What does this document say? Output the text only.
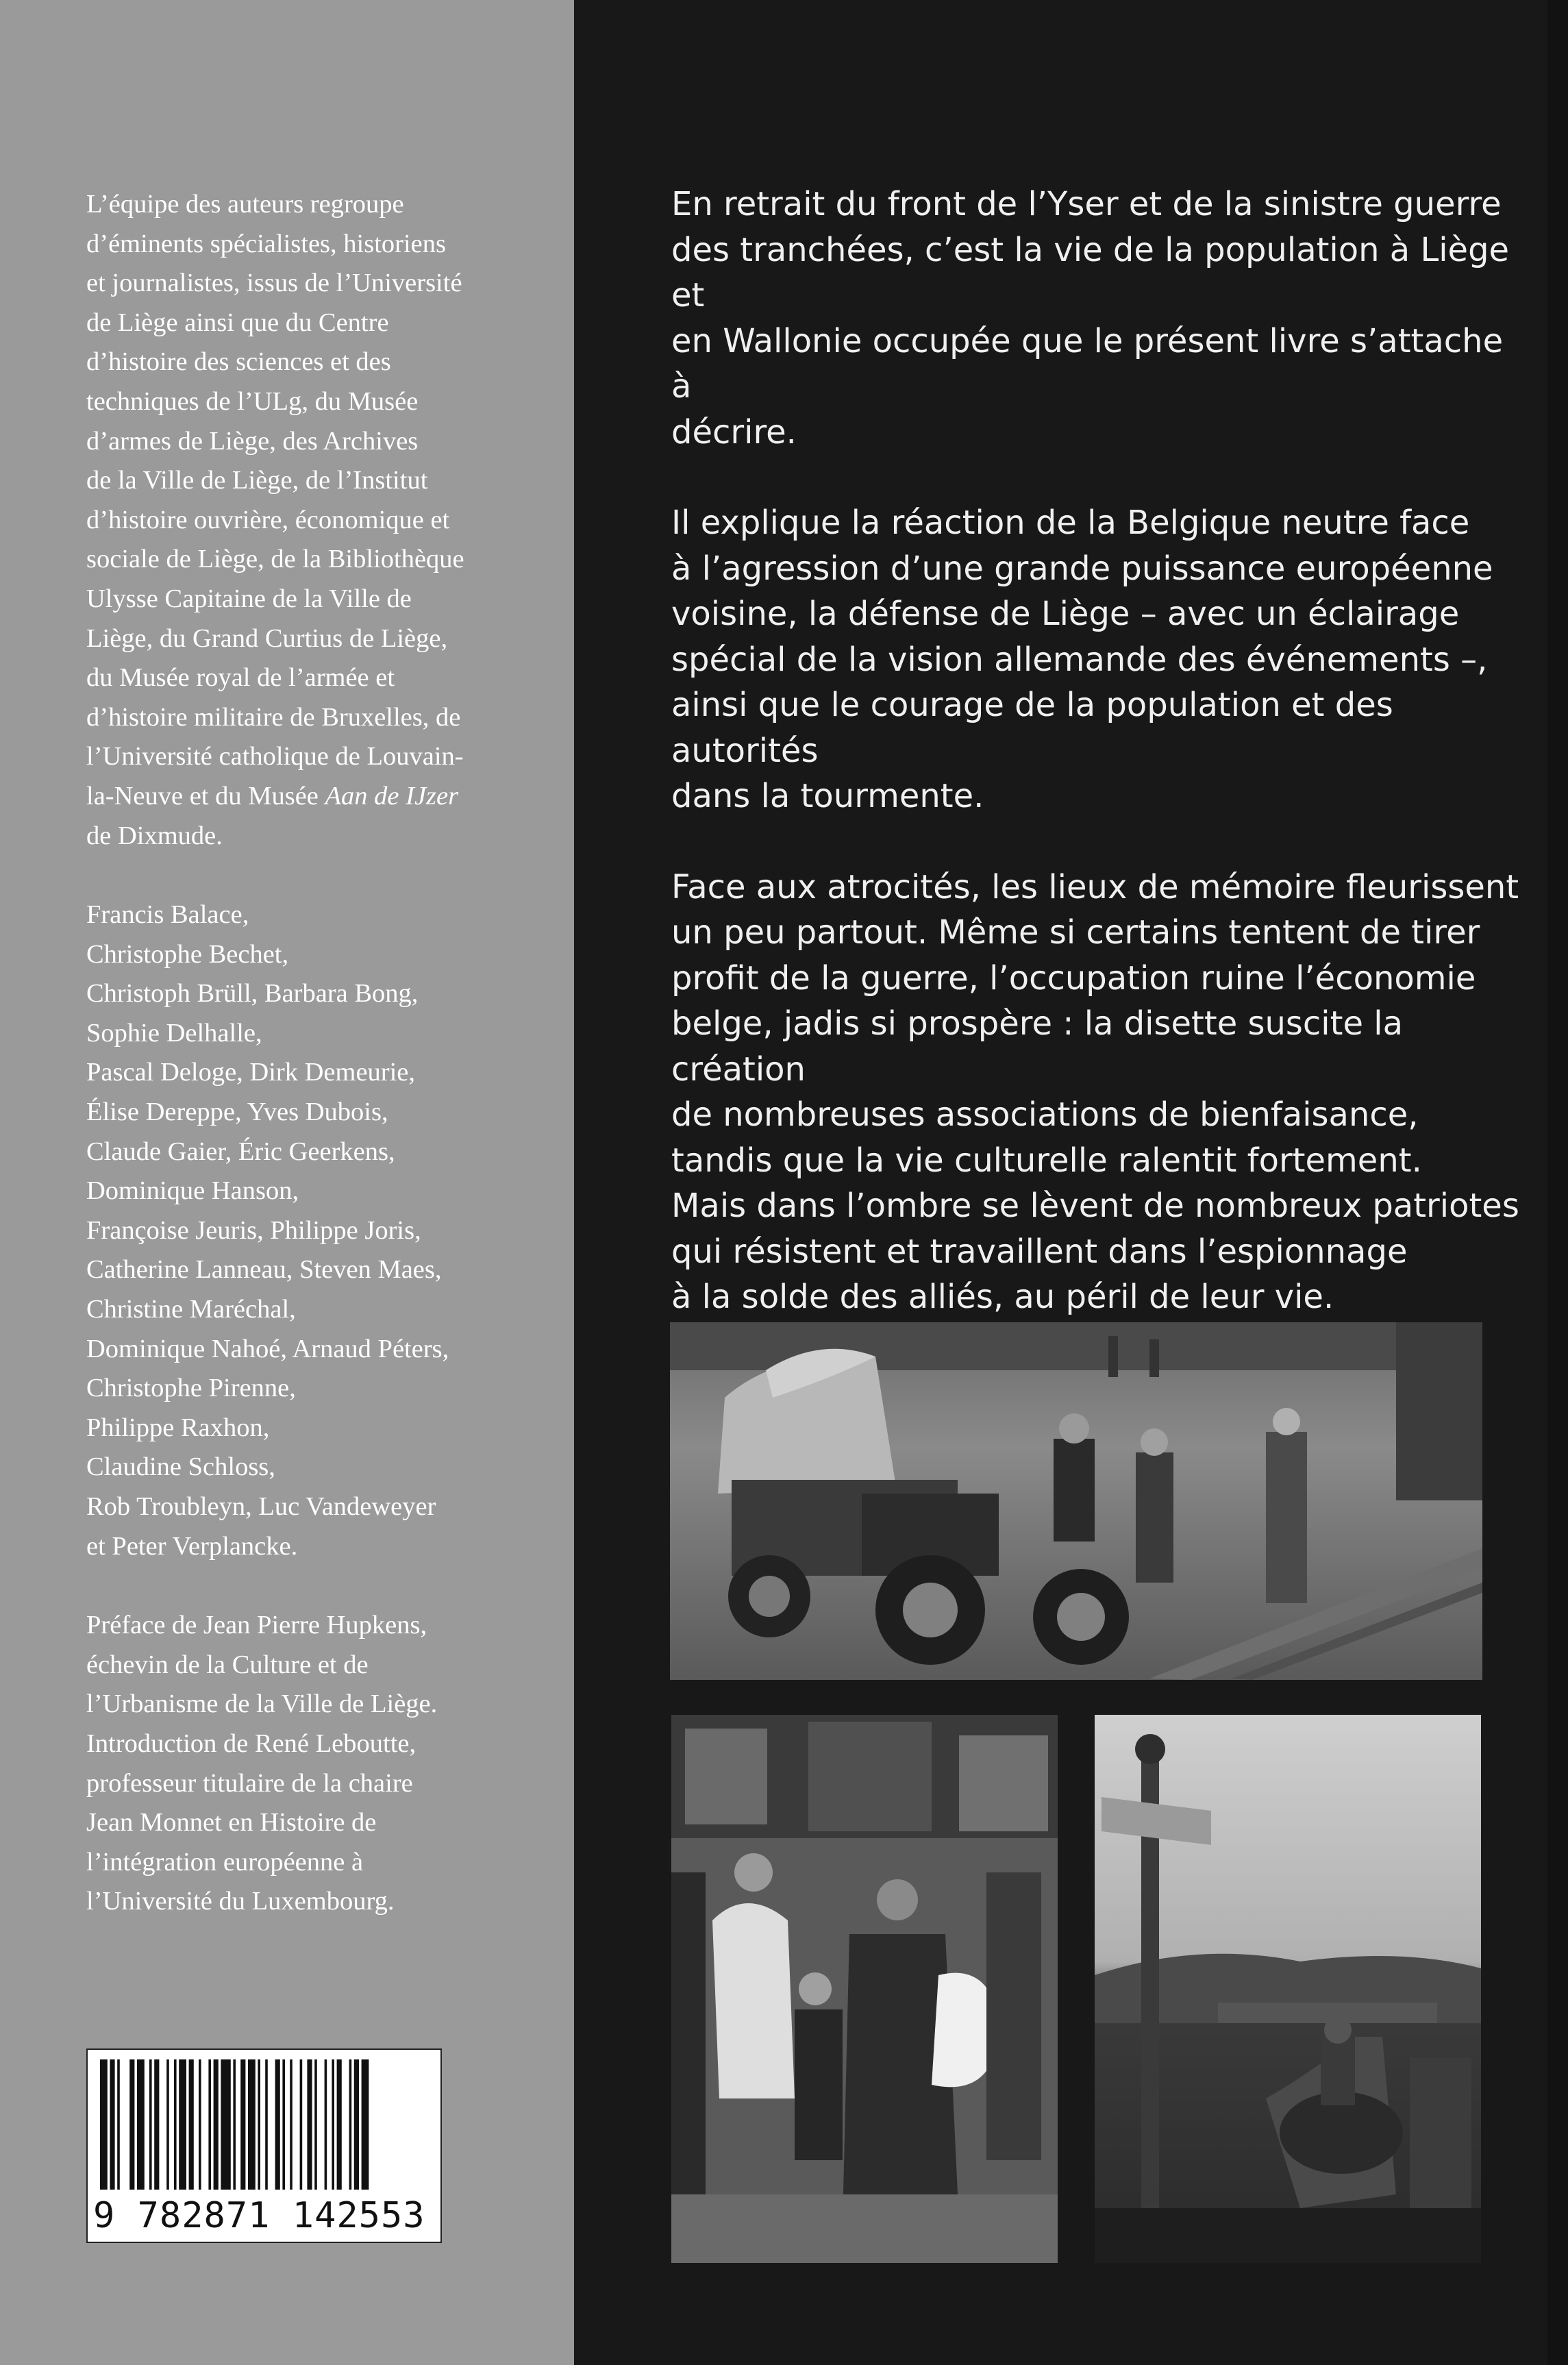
L’équipe des auteurs regroupe

d’éminents spécialistes, historiens

et journalistes, issus de l’Université

de Liège ainsi que du Centre

d’histoire des sciences et des

techniques de l’ULg, du Musée

d’armes de Liège, des Archives

de la Ville de Liège, de l’Institut

d’histoire ouvrière, économique et

sociale de Liège, de la Bibliothèque

Ulysse Capitaine de la Ville de

Liège, du Grand Curtius de Liège,

du Musée royal de l’armée et

d’histoire militaire de Bruxelles, de

l’Université catholique de Louvain-

la-Neuve et du Musée Aan de IJzer

de Dixmude.

Francis Balace,

Christophe Bechet,

Christoph Brüll, Barbara Bong,

Sophie Delhalle,

Pascal Deloge, Dirk Demeurie,

Élise Dereppe, Yves Dubois,

Claude Gaier, Éric Geerkens,

Dominique Hanson,

Françoise Jeuris, Philippe Joris,

Catherine Lanneau, Steven Maes,

Christine Maréchal,

Dominique Nahoé, Arnaud Péters,

Christophe Pirenne,

Philippe Raxhon,

Claudine Schloss,

Rob Troubleyn, Luc Vandeweyer

et Peter Verplancke.

Préface de Jean Pierre Hupkens,

échevin de la Culture et de

l’Urbanisme de la Ville de Liège.

Introduction de René Leboutte,

professeur titulaire de la chaire

Jean Monnet en Histoire de

l’intégration européenne à

l’Université du Luxembourg.

9 782871 142553

En retrait du front de l’Yser et de la sinistre guerre
des tranchées, c’est la vie de la population à Liège et
en Wallonie occupée que le présent livre s’attache à
décrire.

Il explique la réaction de la Belgique neutre face
à l’agression d’une grande puissance européenne
voisine, la défense de Liège – avec un éclairage
spécial de la vision allemande des événements –,
ainsi que le courage de la population et des autorités
dans la tourmente.

Face aux atrocités, les lieux de mémoire fleurissent
un peu partout. Même si certains tentent de tirer
profit de la guerre, l’occupation ruine l’économie
belge, jadis si prospère : la disette suscite la création
de nombreuses associations de bienfaisance,
tandis que la vie culturelle ralentit fortement.
Mais dans l’ombre se lèvent de nombreux patriotes
qui résistent et travaillent dans l’espionnage
à la solde des alliés, au péril de leur vie.
